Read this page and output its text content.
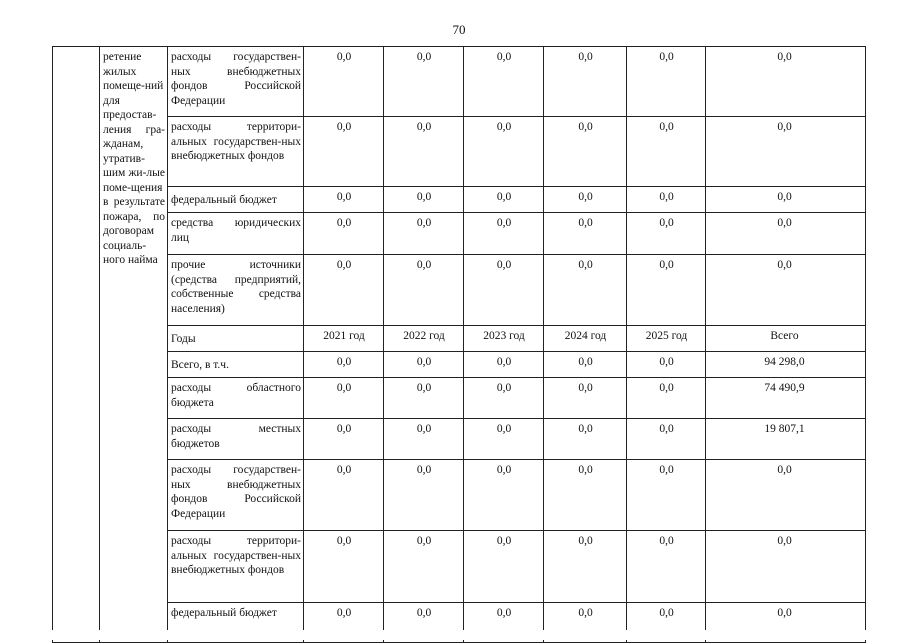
70
	ретение жилых помеще-ний для предостав-ления гра-жданам, утратив-шим жи-лые поме-щения в результате пожара, по договорам социаль-ного найма	расходы государствен-ных внебюджетных фондов Российской Федерации	0,0	0,0	0,0	0,0	0,0	0,0
		расходы территори-альных государствен-ных внебюджетных фондов	0,0	0,0	0,0	0,0	0,0	0,0
		федеральный бюджет	0,0	0,0	0,0	0,0	0,0	0,0
		средства юридических лиц	0,0	0,0	0,0	0,0	0,0	0,0
		прочие источники (средства предприятий, собственные средства населения)	0,0	0,0	0,0	0,0	0,0	0,0
		Годы	2021 год	2022 год	2023 год	2024 год	2025 год	Всего
		Всего, в т.ч.	0,0	0,0	0,0	0,0	0,0	94 298,0
		расходы областного бюджета	0,0	0,0	0,0	0,0	0,0	74 490,9
		расходы местных бюджетов	0,0	0,0	0,0	0,0	0,0	19 807,1
		расходы государствен-ных внебюджетных фондов Российской Федерации	0,0	0,0	0,0	0,0	0,0	0,0
		расходы территори-альных государствен-ных внебюджетных фондов	0,0	0,0	0,0	0,0	0,0	0,0
		федеральный бюджет	0,0	0,0	0,0	0,0	0,0	0,0
